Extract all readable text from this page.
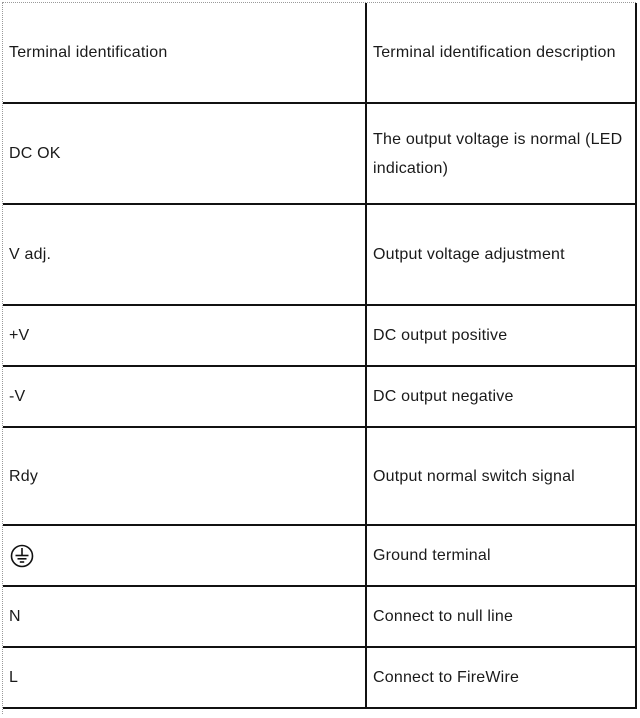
Terminal identification	Terminal identification description
DC OK	The output voltage is normal (LED indication)
V adj.	Output voltage adjustment
+V	DC output positive
-V	DC output negative
Rdy	Output normal switch signal
	Ground terminal
N	Connect to null line
L	Connect to FireWire
